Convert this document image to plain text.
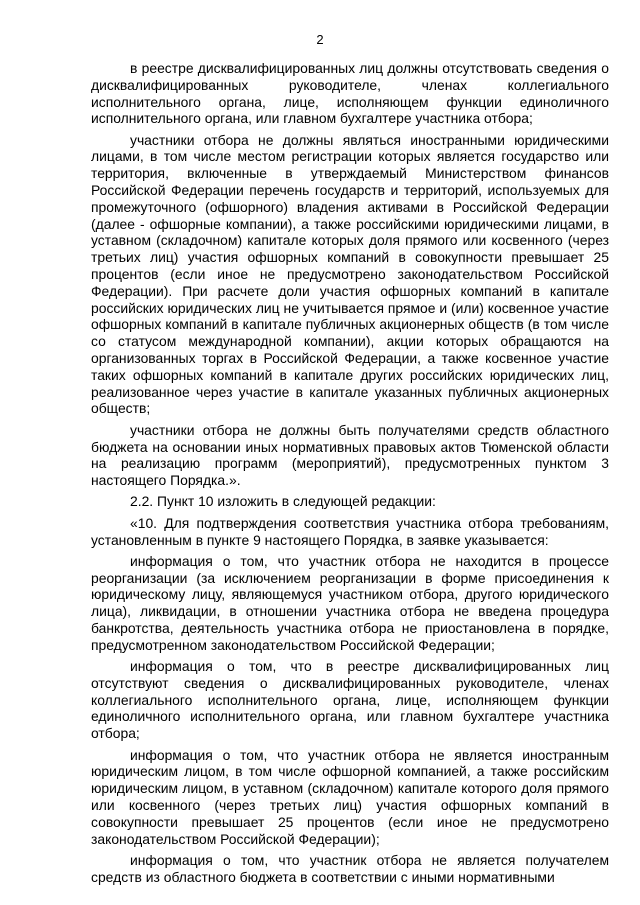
2

в реестре дисквалифицированных лиц должны отсутствовать сведения о дисквалифицированных руководителе, членах коллегиального исполнительного органа, лице, исполняющем функции единоличного исполнительного органа, или главном бухгалтере участника отбора;

участники отбора не должны являться иностранными юридическими лицами, в том числе местом регистрации которых является государство или территория, включенные в утверждаемый Министерством финансов Российской Федерации перечень государств и территорий, используемых для промежуточного (офшорного) владения активами в Российской Федерации (далее - офшорные компании), а также российскими юридическими лицами, в уставном (складочном) капитале которых доля прямого или косвенного (через третьих лиц) участия офшорных компаний в совокупности превышает 25 процентов (если иное не предусмотрено законодательством Российской Федерации). При расчете доли участия офшорных компаний в капитале российских юридических лиц не учитывается прямое и (или) косвенное участие офшорных компаний в капитале публичных акционерных обществ (в том числе со статусом международной компании), акции которых обращаются на организованных торгах в Российской Федерации, а также косвенное участие таких офшорных компаний в капитале других российских юридических лиц, реализованное через участие в капитале указанных публичных акционерных обществ;

участники отбора не должны быть получателями средств областного бюджета на основании иных нормативных правовых актов Тюменской области на реализацию программ (мероприятий), предусмотренных пунктом 3 настоящего Порядка.».

2.2. Пункт 10 изложить в следующей редакции:

«10. Для подтверждения соответствия участника отбора требованиям, установленным в пункте 9 настоящего Порядка, в заявке указывается:

информация о том, что участник отбора не находится в процессе реорганизации (за исключением реорганизации в форме присоединения к юридическому лицу, являющемуся участником отбора, другого юридического лица), ликвидации, в отношении участника отбора не введена процедура банкротства, деятельность участника отбора не приостановлена в порядке, предусмотренном законодательством Российской Федерации;

информация о том, что в реестре дисквалифицированных лиц отсутствуют сведения о дисквалифицированных руководителе, членах коллегиального исполнительного органа, лице, исполняющем функции единоличного исполнительного органа, или главном бухгалтере участника отбора;

информация о том, что участник отбора не является иностранным юридическим лицом, в том числе офшорной компанией, а также российским юридическим лицом, в уставном (складочном) капитале которого доля прямого или косвенного (через третьих лиц) участия офшорных компаний в совокупности превышает 25 процентов (если иное не предусмотрено законодательством Российской Федерации);

информация о том, что участник отбора не является получателем средств из областного бюджета в соответствии с иными нормативными
